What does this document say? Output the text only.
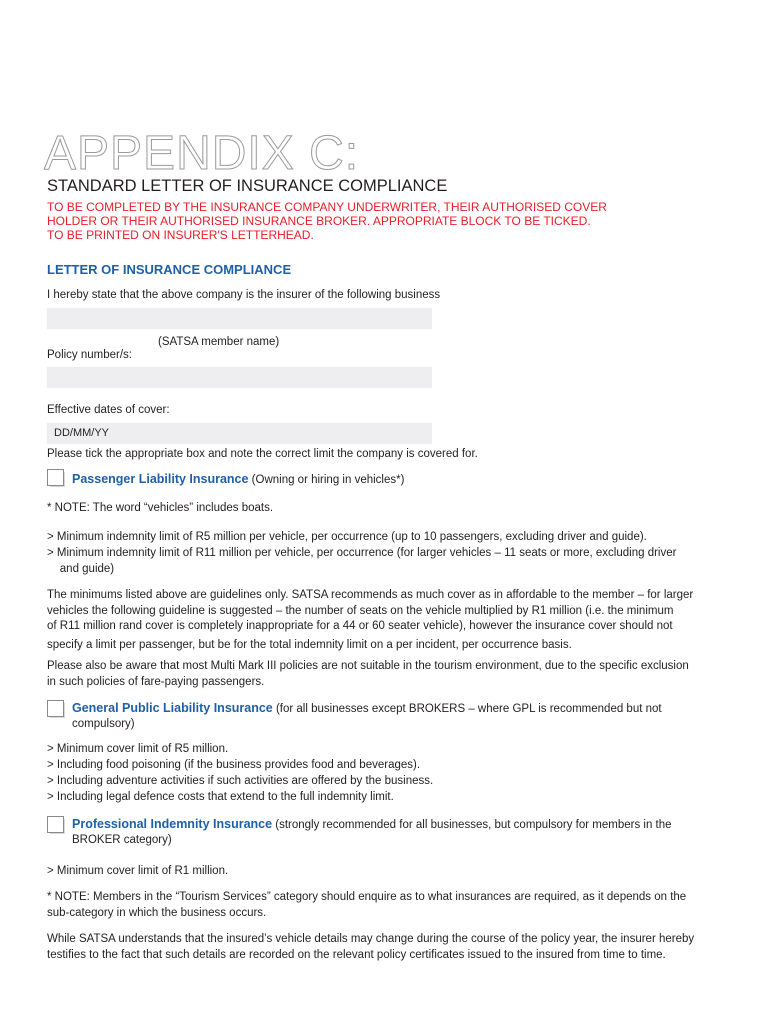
APPENDIX C:
STANDARD LETTER OF INSURANCE COMPLIANCE
TO BE COMPLETED BY THE INSURANCE COMPANY UNDERWRITER, THEIR AUTHORISED COVER
HOLDER OR THEIR AUTHORISED INSURANCE BROKER. APPROPRIATE BLOCK TO BE TICKED.
TO BE PRINTED ON INSURER'S LETTERHEAD.
LETTER OF INSURANCE COMPLIANCE
I hereby state that the above company is the insurer of the following business
(SATSA member name)
Policy number/s:
Effective dates of cover:
DD/MM/YY
Please tick the appropriate box and note the correct limit the company is covered for.
Passenger Liability Insurance (Owning or hiring in vehicles*)
* NOTE: The word “vehicles” includes boats.
> Minimum indemnity limit of R5 million per vehicle, per occurrence (up to 10 passengers, excluding driver and guide).
> Minimum indemnity limit of R11 million per vehicle, per occurrence (for larger vehicles – 11 seats or more, excluding driver
and guide)
The minimums listed above are guidelines only. SATSA recommends as much cover as in affordable to the member – for larger
vehicles the following guideline is suggested – the number of seats on the vehicle multiplied by R1 million (i.e. the minimum
of R11 million rand cover is completely inappropriate for a 44 or 60 seater vehicle), however the insurance cover should not
specify a limit per passenger, but be for the total indemnity limit on a per incident, per occurrence basis.
Please also be aware that most Multi Mark III policies are not suitable in the tourism environment, due to the specific exclusion
in such policies of fare-paying passengers.
General Public Liability Insurance (for all businesses except BROKERS – where GPL is recommended but not
compulsory)
> Minimum cover limit of R5 million.
> Including food poisoning (if the business provides food and beverages).
> Including adventure activities if such activities are offered by the business.
> Including legal defence costs that extend to the full indemnity limit.
Professional Indemnity Insurance (strongly recommended for all businesses, but compulsory for members in the
BROKER category)
> Minimum cover limit of R1 million.
* NOTE: Members in the “Tourism Services” category should enquire as to what insurances are required, as it depends on the
sub-category in which the business occurs.
While SATSA understands that the insured’s vehicle details may change during the course of the policy year, the insurer hereby
testifies to the fact that such details are recorded on the relevant policy certificates issued to the insured from time to time.
